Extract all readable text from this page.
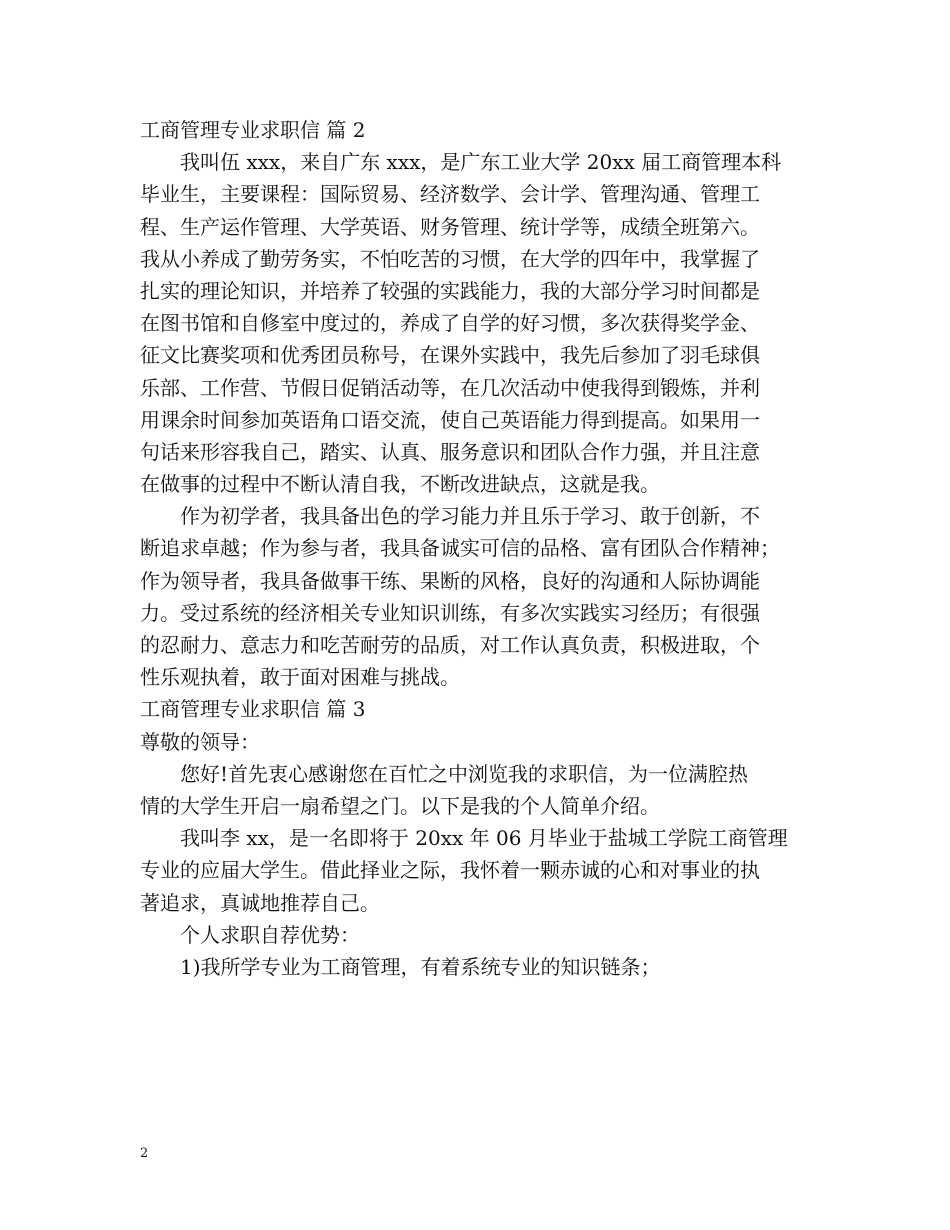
工商管理专业求职信 篇 2
我叫伍 xxx，来自广东 xxx，是广东工业大学 20xx 届工商管理本科
毕业生，主要课程：国际贸易、经济数学、会计学、管理沟通、管理工
程、生产运作管理、大学英语、财务管理、统计学等，成绩全班第六。
我从小养成了勤劳务实，不怕吃苦的习惯，在大学的四年中，我掌握了
扎实的理论知识，并培养了较强的实践能力，我的大部分学习时间都是
在图书馆和自修室中度过的，养成了自学的好习惯，多次获得奖学金、
征文比赛奖项和优秀团员称号，在课外实践中，我先后参加了羽毛球俱
乐部、工作营、节假日促销活动等，在几次活动中使我得到锻炼，并利
用课余时间参加英语角口语交流，使自己英语能力得到提高。如果用一
句话来形容我自己，踏实、认真、服务意识和团队合作力强，并且注意
在做事的过程中不断认清自我，不断改进缺点，这就是我。
作为初学者，我具备出色的学习能力并且乐于学习、敢于创新，不
断追求卓越；作为参与者，我具备诚实可信的品格、富有团队合作精神；
作为领导者，我具备做事干练、果断的风格，良好的沟通和人际协调能
力。受过系统的经济相关专业知识训练，有多次实践实习经历；有很强
的忍耐力、意志力和吃苦耐劳的品质，对工作认真负责，积极进取，个
性乐观执着，敢于面对困难与挑战。
工商管理专业求职信 篇 3
尊敬的领导：
您好!首先衷心感谢您在百忙之中浏览我的求职信，为一位满腔热
情的大学生开启一扇希望之门。以下是我的个人简单介绍。
我叫李 xx，是一名即将于 20xx 年 06 月毕业于盐城工学院工商管理
专业的应届大学生。借此择业之际，我怀着一颗赤诚的心和对事业的执
著追求，真诚地推荐自己。
个人求职自荐优势：
1)我所学专业为工商管理，有着系统专业的知识链条；
2
